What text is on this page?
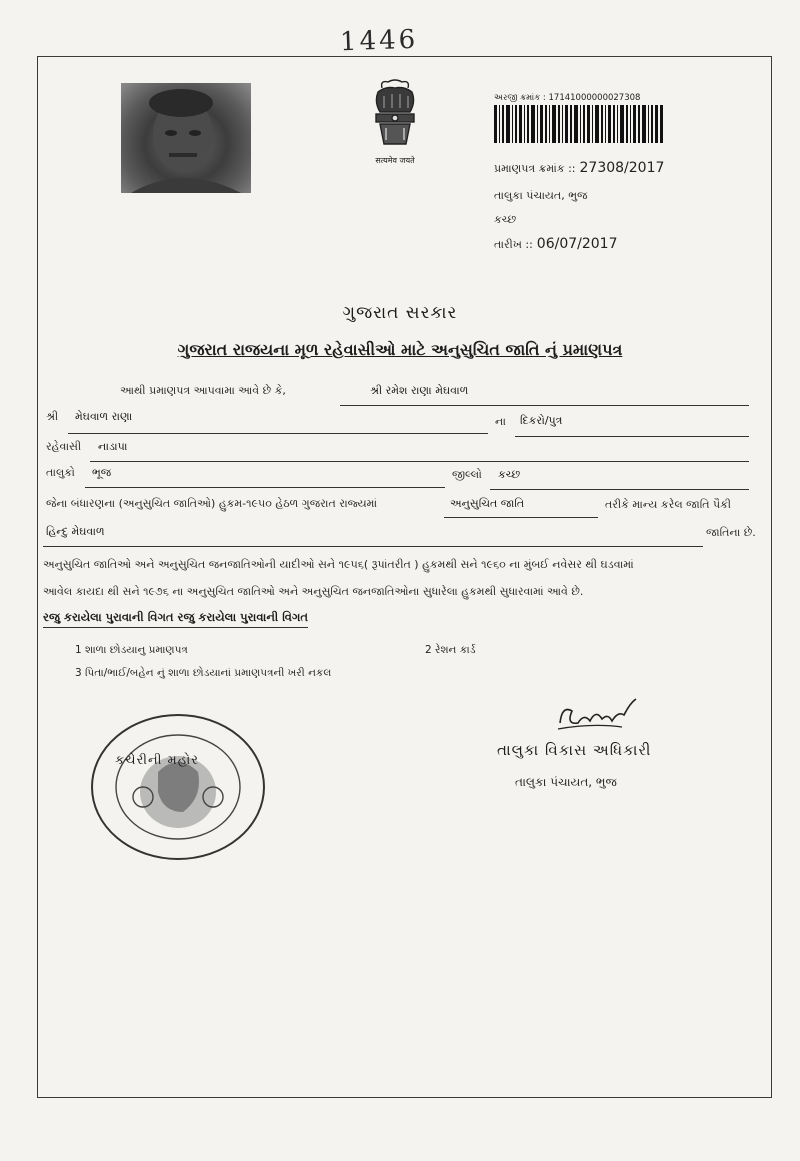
1446
सत्यमेव जयते
અરજી ક્રમાંક : 17141000000027308
પ્રમાણપત્ર ક્રમાંક :: 27308/2017
તાલુકા પંચાયત, ભુજ
કચ્છ
તારીખ :: 06/07/2017
ગુજરાત સરકાર
ગુજરાત રાજયના મૂળ રહેવાસીઓ માટે અનુસુચિત જાતિ નું પ્રમાણપત્ર
આથી પ્રમાણપત્ર આપવામા આવે છે કે,	શ્રી રમેશ રાણા મેઘવાળ
શ્રી મેઘવાળ રાણા	ના દિકરો/પુત્ર
રહેવાસી નાડાપા
તાલુકો ભૂજ	જીલ્લો કચ્છ
જેના બંધારણના (અનુસુચિત જાતિઓ) હુકમ-૧૯૫૦ હેઠળ ગુજરાત રાજ્યમાં	અનુસુચિત જાતિ	તરીકે માન્ય કરેલ જાતિ પૈકી
હિન્દુ મેઘવાળ	જાતિના છે.
અનુસુચિત જાતિઓ અને અનુસુચિત જનજાતિઓની યાદીઓ સને ૧૯૫૬( રૂપાંતરીત ) હુકમથી સને ૧૯૬૦ ના મુંબઈ નવેસર થી ઘડવામાં
આવેલ કાયદા થી સને ૧૯૭૬ ના અનુસુચિત જાતિઓ અને અનુસુચિત જનજાતિઓના સુધારેલા હુકમથી સુધારવામાં આવે છે.
રજુ કરાયેલા પુરાવાની વિગત રજુ કરાયેલા પુરાવાની વિગત
1 શાળા છોડયાનુ પ્રમાણપત્ર	2 રેશન કાર્ડ
3 પિતા/ભાઈ/બહેન નું શાળા છોડયાનાં પ્રમાણપત્રની ખરી નકલ
કચેરીની મહોર
તાલુકા વિકાસ અધિકારી
તાલુકા પંચાયત, ભુજ
